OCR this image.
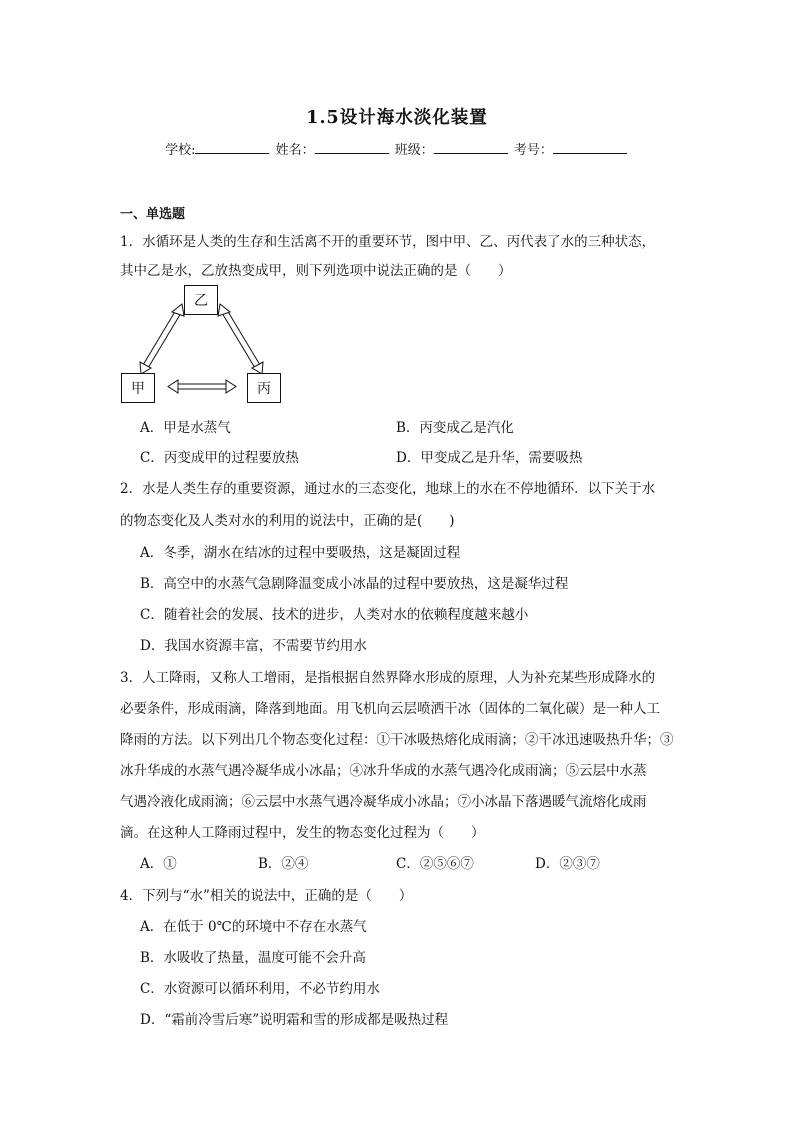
1.5设计海水淡化装置
学校:	姓名：	班级：	考号：
一、单选题
1．水循环是人类的生存和生活离不开的重要环节，图中甲、乙、丙代表了水的三种状态，
其中乙是水，乙放热变成甲，则下列选项中说法正确的是（　　）
乙
甲	丙
A．甲是水蒸气	B．丙变成乙是汽化
C．丙变成甲的过程要放热	D．甲变成乙是升华，需要吸热
2．水是人类生存的重要资源，通过水的三态变化，地球上的水在不停地循环．以下关于水
的物态变化及人类对水的利用的说法中，正确的是(　　)
A．冬季，湖水在结冰的过程中要吸热，这是凝固过程
B．高空中的水蒸气急剧降温变成小冰晶的过程中要放热，这是凝华过程
C．随着社会的发展、技术的进步，人类对水的依赖程度越来越小
D．我国水资源丰富，不需要节约用水
3．人工降雨，又称人工增雨，是指根据自然界降水形成的原理，人为补充某些形成降水的
必要条件，形成雨滴，降落到地面。用飞机向云层喷洒干冰（固体的二氧化碳）是一种人工
降雨的方法。以下列出几个物态变化过程：①干冰吸热熔化成雨滴；②干冰迅速吸热升华；③
冰升华成的水蒸气遇冷凝华成小冰晶；④冰升华成的水蒸气遇冷化成雨滴；⑤云层中水蒸
气遇冷液化成雨滴；⑥云层中水蒸气遇冷凝华成小冰晶；⑦小冰晶下落遇暖气流熔化成雨
滴。在这种人工降雨过程中，发生的物态变化过程为（　　）
A．①	B．②④	C．②⑤⑥⑦	D．②③⑦
4．下列与“水”相关的说法中，正确的是（　　）
A．在低于 0℃的环境中不存在水蒸气
B．水吸收了热量，温度可能不会升高
C．水资源可以循环利用，不必节约用水
D．“霜前冷雪后寒”说明霜和雪的形成都是吸热过程
